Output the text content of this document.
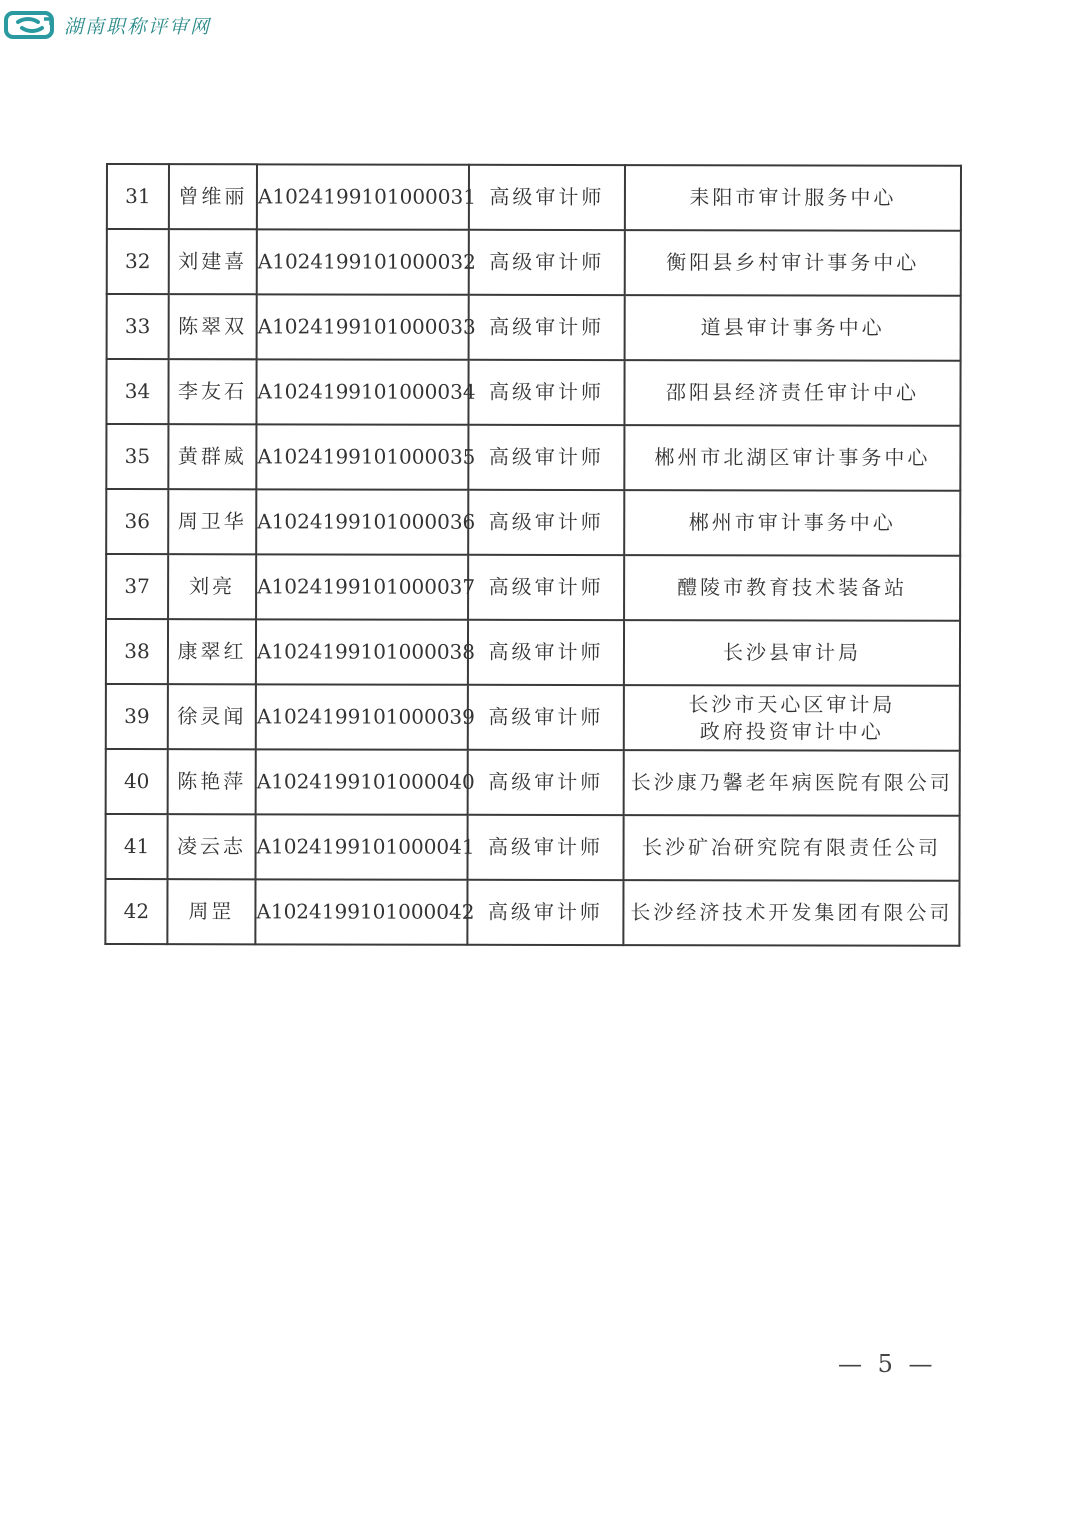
湖南职称评审网
31	曾维丽	A1024199101000031	高级审计师	耒阳市审计服务中心

32	刘建喜	A1024199101000032	高级审计师	衡阳县乡村审计事务中心

33	陈翠双	A1024199101000033	高级审计师	道县审计事务中心

34	李友石	A1024199101000034	高级审计师	邵阳县经济责任审计中心

35	黄群威	A1024199101000035	高级审计师	郴州市北湖区审计事务中心

36	周卫华	A1024199101000036	高级审计师	郴州市审计事务中心

37	刘亮	A1024199101000037	高级审计师	醴陵市教育技术装备站

38	康翠红	A1024199101000038	高级审计师	长沙县审计局

39	徐灵闻	A1024199101000039	高级审计师	长沙市天心区审计局
政府投资审计中心

40	陈艳萍	A1024199101000040	高级审计师	长沙康乃馨老年病医院有限公司

41	凌云志	A1024199101000041	高级审计师	长沙矿冶研究院有限责任公司

42	周罡	A1024199101000042	高级审计师	长沙经济技术开发集团有限公司
— 5 —
